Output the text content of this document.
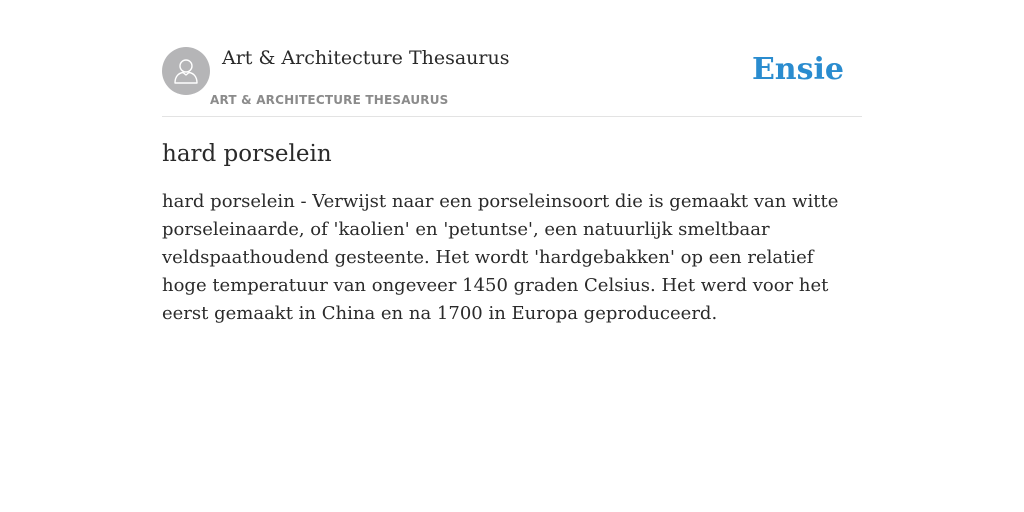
Art & Architecture Thesaurus
ART & ARCHITECTURE THESAURUS
Ensie
hard porselein

hard porselein - Verwijst naar een porseleinsoort die is gemaakt van witte porseleinaarde, of 'kaolien' en 'petuntse', een natuurlijk smeltbaar veldspaathoudend gesteente. Het wordt 'hardgebakken' op een relatief hoge temperatuur van ongeveer 1450 graden Celsius. Het werd voor het eerst gemaakt in China en na 1700 in Europa geproduceerd.
